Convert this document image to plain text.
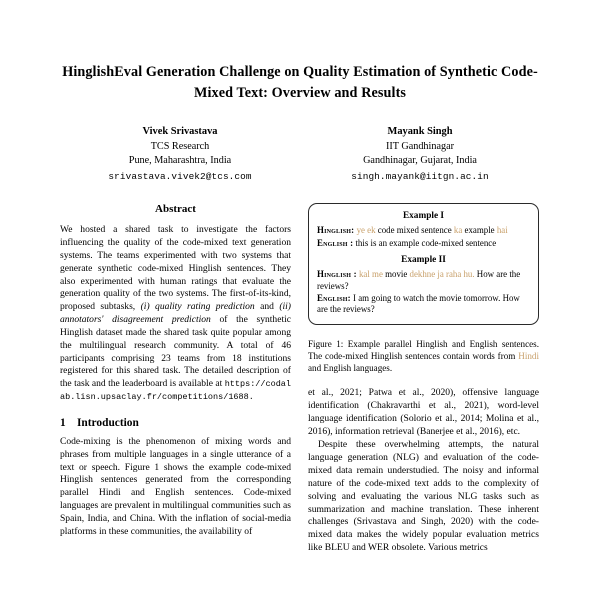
HinglishEval Generation Challenge on Quality Estimation of Synthetic Code-Mixed Text: Overview and Results
Vivek Srivastava
TCS Research
Pune, Maharashtra, India
srivastava.vivek2@tcs.com
Mayank Singh
IIT Gandhinagar
Gandhinagar, Gujarat, India
singh.mayank@iitgn.ac.in
Abstract

We hosted a shared task to investigate the factors influencing the quality of the code-mixed text generation systems. The teams experimented with two systems that generate synthetic code-mixed Hinglish sentences. They also experimented with human ratings that evaluate the generation quality of the two systems. The first-of-its-kind, proposed subtasks, (i) quality rating prediction and (ii) annotators' disagreement prediction of the synthetic Hinglish dataset made the shared task quite popular among the multilingual research community. A total of 46 participants comprising 23 teams from 18 institutions registered for this shared task. The detailed description of the task and the leaderboard is available at https://codalab.lisn.upsaclay.fr/competitions/1688.

1 Introduction

Code-mixing is the phenomenon of mixing words and phrases from multiple languages in a single utterance of a text or speech. Figure 1 shows the example code-mixed Hinglish sentences generated from the corresponding parallel Hindi and English sentences. Code-mixed languages are prevalent in multilingual communities such as Spain, India, and China. With the inflation of social-media platforms in these communities, the availability of

Example I

Hinglish: ye ek code mixed sentence ka example hai

English : this is an example code-mixed sentence

Example II

Hinglish : kal me movie dekhne ja raha hu. How are the reviews?

English: I am going to watch the movie tomorrow. How are the reviews?

Figure 1: Example parallel Hinglish and English sentences. The code-mixed Hinglish sentences contain words from Hindi and English languages.

et al., 2021; Patwa et al., 2020), offensive language identification (Chakravarthi et al., 2021), word-level language identification (Solorio et al., 2014; Molina et al., 2016), information retrieval (Banerjee et al., 2016), etc.

Despite these overwhelming attempts, the natural language generation (NLG) and evaluation of the code-mixed data remain understudied. The noisy and informal nature of the code-mixed text adds to the complexity of solving and evaluating the various NLG tasks such as summarization and machine translation. These inherent challenges (Srivastava and Singh, 2020) with the code-mixed data makes the widely popular evaluation metrics like BLEU and WER obsolete. Various metrics
